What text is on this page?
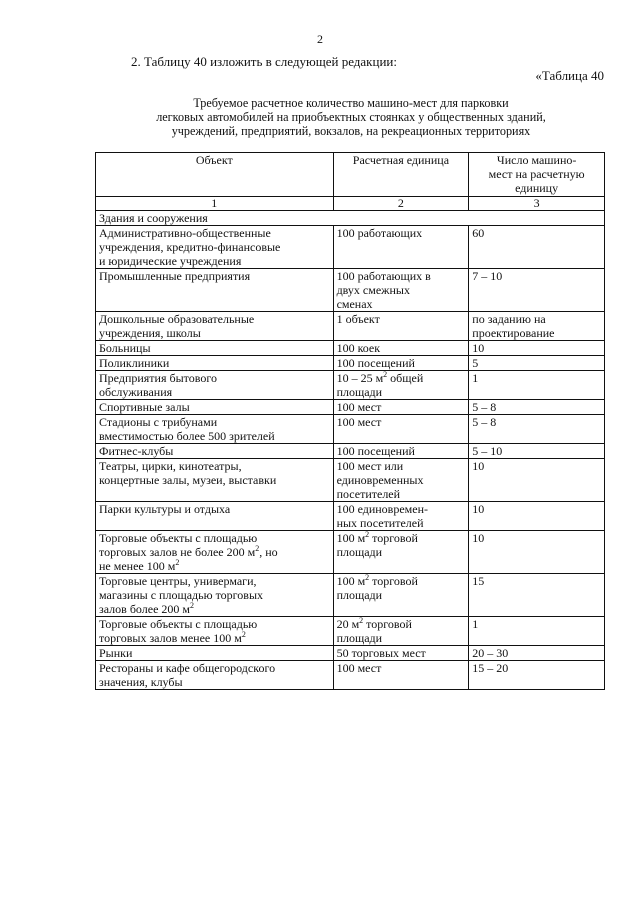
2
2. Таблицу 40 изложить в следующей редакции:
«Таблица 40
Требуемое расчетное количество машино-мест для парковки
легковых автомобилей на приобъектных стоянках у общественных зданий,
учреждений, предприятий, вокзалов, на рекреационных территориях
Объект	Расчетная единица	Число машино-
мест на расчетную
единицу

1	2	3
Здания и сооружения		

Административно-общественные
учреждения, кредитно-финансовые
и юридические учреждения	100 работающих	60

Промышленные предприятия	100 работающих в
двух смежных
сменах	7 – 10

Дошкольные образовательные
учреждения, школы	1 объект	по заданию на
проектирование

Больницы	100 коек	10

Поликлиники	100 посещений	5

Предприятия бытового
обслуживания	10 – 25 $м^2$ общей
площади	1

Спортивные залы	100 мест	5 – 8

Стадионы с трибунами
вместимостью более 500 зрителей	100 мест	5 – 8

Фитнес-клубы	100 посещений	5 – 10

Театры, цирки, кинотеатры,
концертные залы, музеи, выставки	100 мест или
единовременных
посетителей	10

Парки культуры и отдыха	100 единовремен-
ных посетителей	10

Торговые объекты с площадью
торговых залов не более 200 $м^2$, но
не менее 100 $м^2$	100 $м^2$ торговой
площади	10

Торговые центры, универмаги,
магазины с площадью торговых
залов более 200 $м^2$	100 $м^2$ торговой
площади	15

Торговые объекты с площадью
торговых залов менее 100 $м^2$	20 $м^2$ торговой
площади	1

Рынки	50 торговых мест	20 – 30

Рестораны и кафе общегородского
значения, клубы	100 мест	15 – 20
